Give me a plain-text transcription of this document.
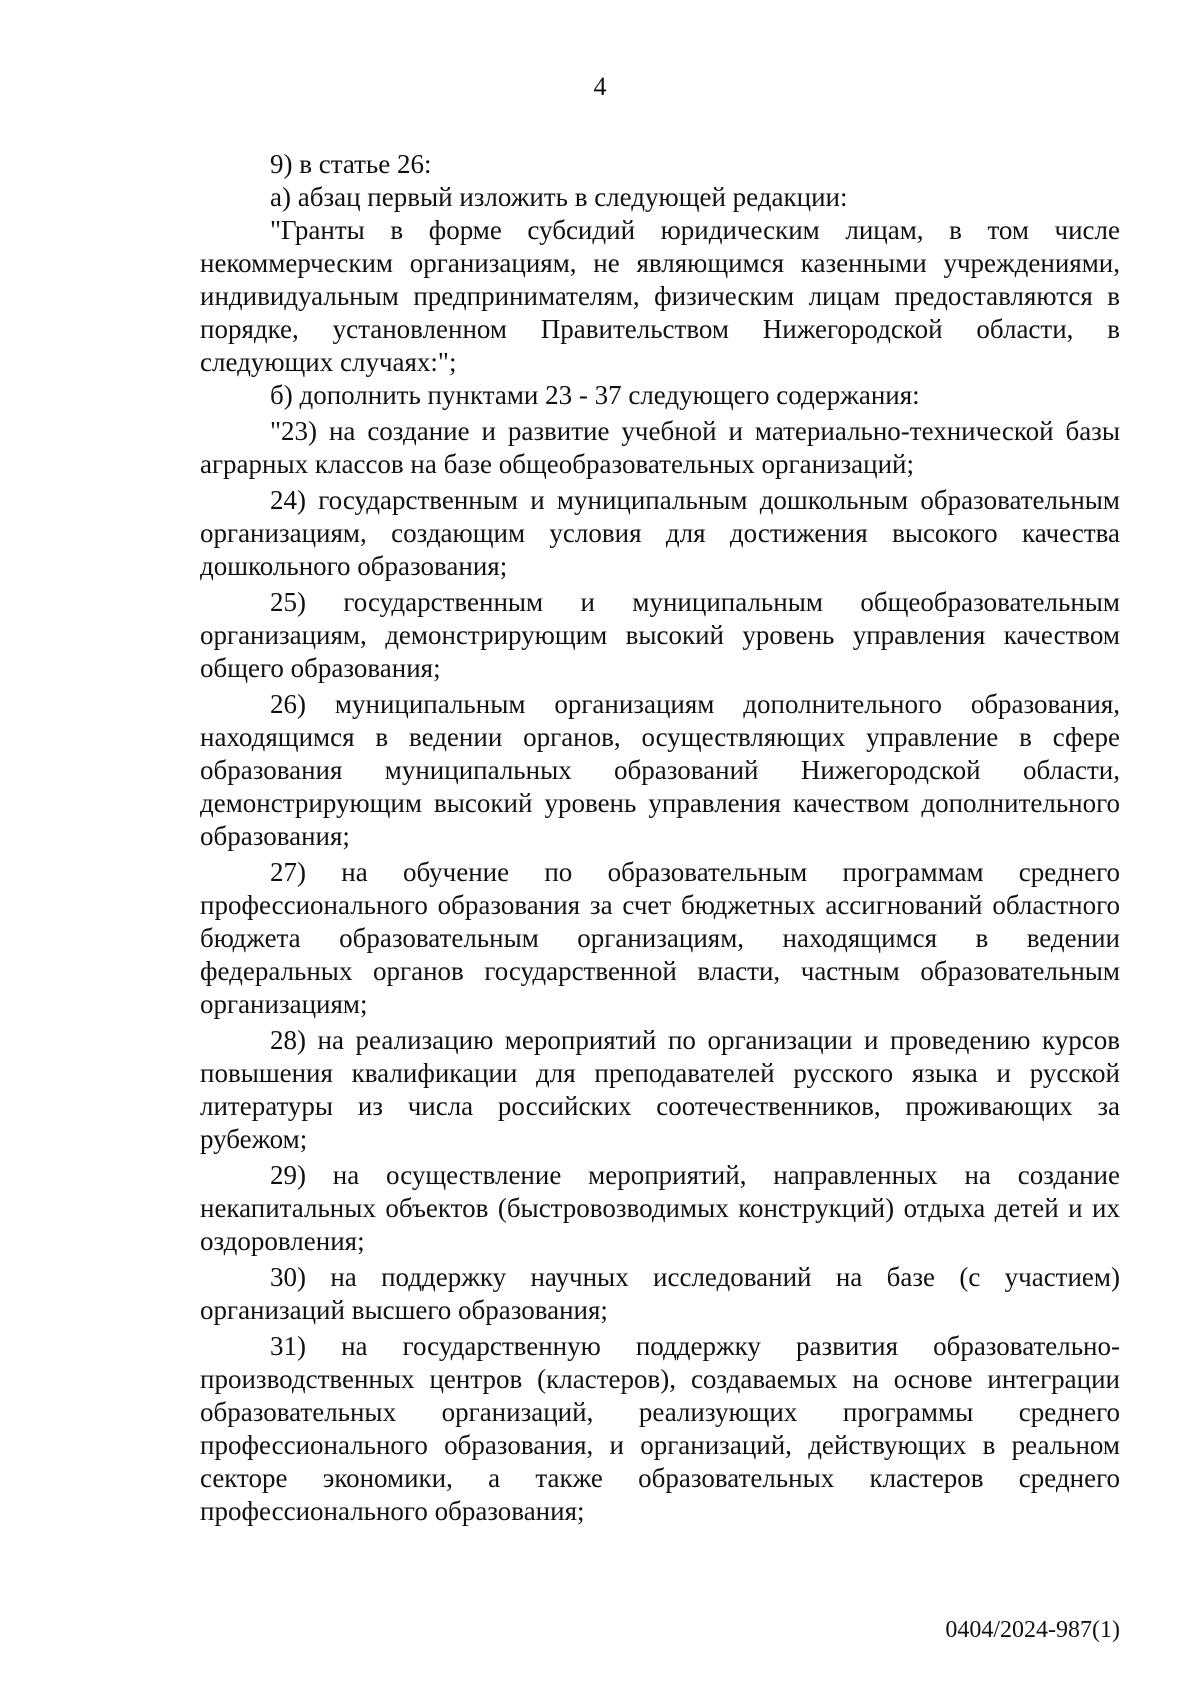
4

9) в статье 26:

а) абзац первый изложить в следующей редакции:

"Гранты в форме субсидий юридическим лицам, в том числе некоммерческим организациям, не являющимся казенными учреждениями, индивидуальным предпринимателям, физическим лицам предоставляются в порядке, установленном Правительством Нижегородской области, в следующих случаях:";

б) дополнить пунктами 23 - 37 следующего содержания:

"23) на создание и развитие учебной и материально-технической базы аграрных классов на базе общеобразовательных организаций;

24) государственным и муниципальным дошкольным образовательным организациям, создающим условия для достижения высокого качества дошкольного образования;

25) государственным и муниципальным общеобразовательным организациям, демонстрирующим высокий уровень управления качеством общего образования;

26) муниципальным организациям дополнительного образования, находящимся в ведении органов, осуществляющих управление в сфере образования муниципальных образований Нижегородской области, демонстрирующим высокий уровень управления качеством дополнительного образования;

27) на обучение по образовательным программам среднего профессионального образования за счет бюджетных ассигнований областного бюджета образовательным организациям, находящимся в ведении федеральных органов государственной власти, частным образовательным организациям;

28) на реализацию мероприятий по организации и проведению курсов повышения квалификации для преподавателей русского языка и русской литературы из числа российских соотечественников, проживающих за рубежом;

29) на осуществление мероприятий, направленных на создание некапитальных объектов (быстровозводимых конструкций) отдыха детей и их оздоровления;

30) на поддержку научных исследований на базе (с участием) организаций высшего образования;

31) на государственную поддержку развития образовательно-производственных центров (кластеров), создаваемых на основе интеграции образовательных организаций, реализующих программы среднего профессионального образования, и организаций, действующих в реальном секторе экономики, а также образовательных кластеров среднего профессионального образования;

0404/2024-987(1)
